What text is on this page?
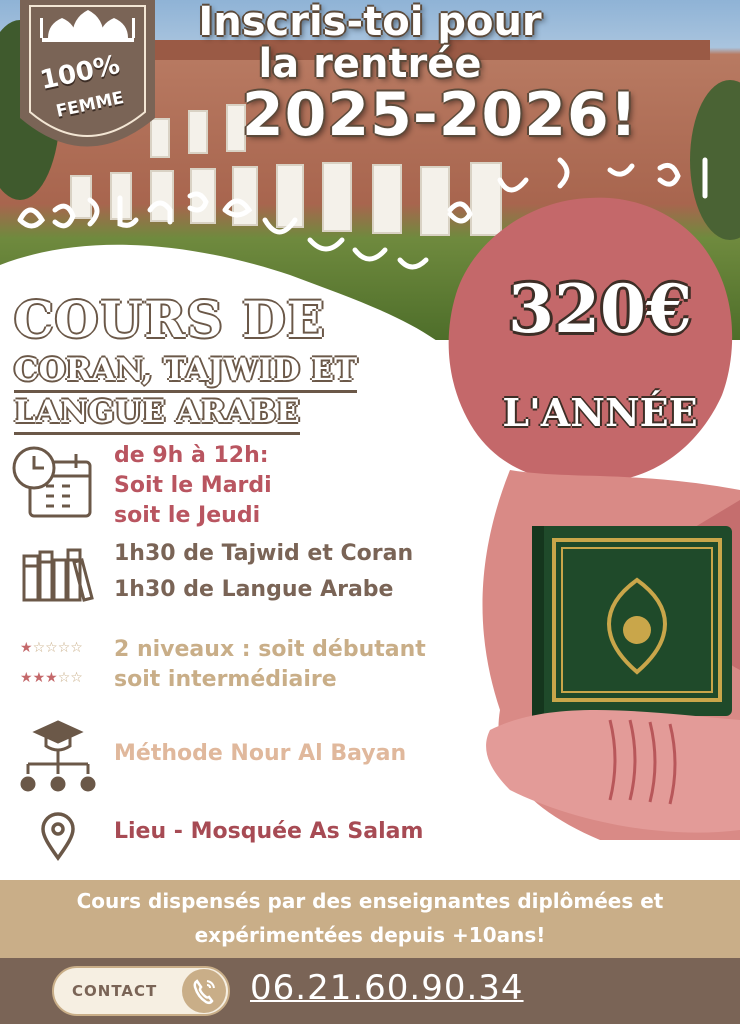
100%
FEMME
Inscris-toi pour
la rentrée
2025-2026!
320€
L'ANNÉE
COURS DE
CORAN, TAJWID ET
LANGUE ARABE
de 9h à 12h:
Soit le Mardi
soit le Jeudi
1h30 de Tajwid et Coran
1h30 de Langue Arabe
★☆☆☆☆
★★★☆☆
2 niveaux : soit débutant
soit intermédiaire
Méthode Nour Al Bayan
Lieu - Mosquée As Salam
Cours dispensés par des enseignantes diplômées et
expérimentées depuis +10ans!
CONTACT	06.21.60.90.34
